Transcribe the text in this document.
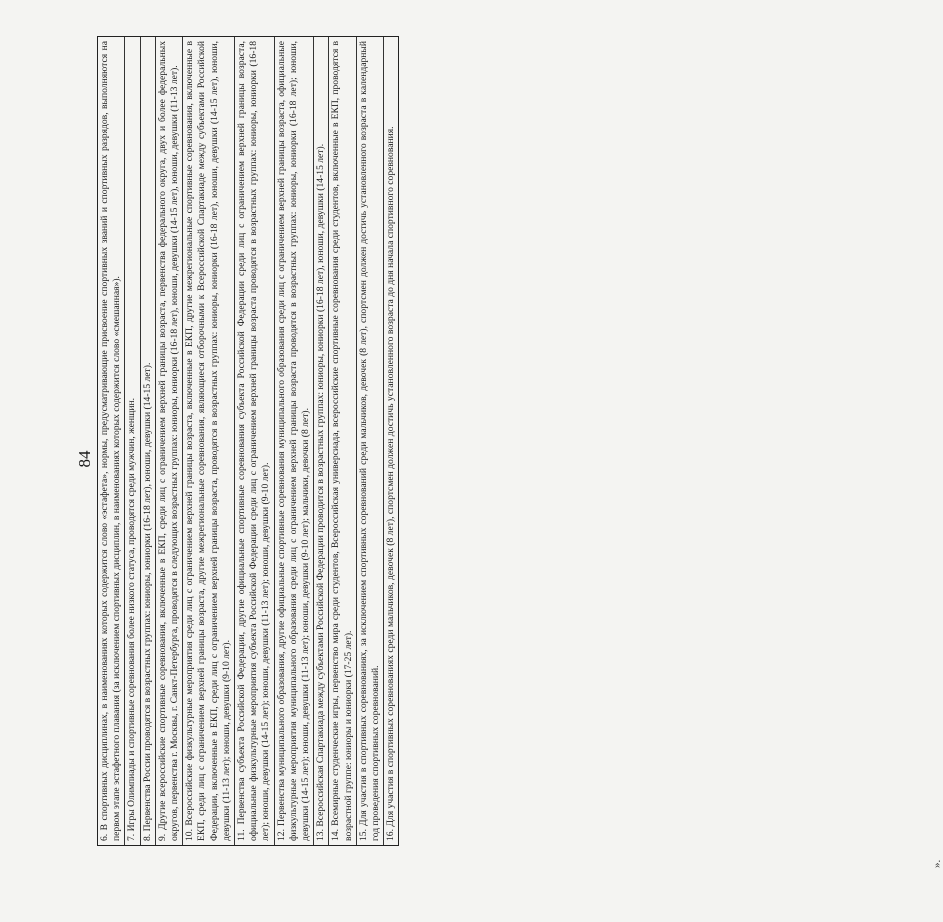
84 6. В спортивных дисциплинах, в наименованиях которых содержится слово «эстафета», нормы, предусматривающие присвоение спортивных званий и спортивных разрядов, выполняются на первом этапе эстафетного плавания (за исключением спортивных дисциплин, в наименованиях которых содержится слово «смешанная»). 7. Игры Олимпиады и спортивные соревнования более низкого статуса, проводятся среди мужчин, женщин. 8. Первенства России проводятся в возрастных группах: юниоры, юниорки (16-18 лет), юноши, девушки (14-15 лет). 9. Другие всероссийские спортивные соревнования, включенные в ЕКП, среди лиц с ограничением верхней границы возраста, первенства федерального округа, двух и более федеральных округов, первенства г. Москвы, г. Санкт-Петербурга, проводятся в следующих возрастных группах: юниоры, юниорки (16-18 лет), юноши, девушки (14-15 лет), юноши, девушки (11-13 лет). 10. Всероссийские физкультурные мероприятия среди лиц с ограничением верхней границы возраста, включенные в ЕКП, другие межрегиональные спортивные соревнования, включенные в ЕКП, среди лиц с ограничением верхней границы возраста, другие межрегиональные соревнования, являющиеся отборочными к Всероссийской Спартакиаде между субъектами Российской Федерации, включенные в ЕКП, среди лиц с ограничением верхней границы возраста, проводятся в возрастных группах: юниоры, юниорки (16-18 лет), юноши, девушки (14-15 лет), юноши, девушки (11-13 лет); юноши, девушки (9-10 лет). 11. Первенства субъекта Российской Федерации, другие официальные спортивные соревнования субъекта Российской Федерации среди лиц с ограничением верхней границы возраста, официальные физкультурные мероприятия субъекта Российской Федерации среди лиц с ограничением верхней границы возраста проводятся в возрастных группах: юниоры, юниорки (16-18 лет); юноши, девушки (14-15 лет); юноши, девушки (11-13 лет); юноши, девушки (9-10 лет). 12. Первенства муниципального образования, другие официальные спортивные соревнования муниципального образования среди лиц с ограничением верхней границы возраста, официальные физкультурные мероприятия муниципального образования среди лиц с ограничением верхней границы возраста проводятся в возрастных группах: юниоры, юниорки (16-18 лет); юноши, девушки (14-15 лет); юноши, девушки (11-13 лет); юноши, девушки (9-10 лет); мальчики, девочки (8 лет). 13. Всероссийская Спартакиада между субъектами Российской Федерации проводится в возрастных группах: юниоры, юниорки (16-18 лет), юноши, девушки (14-15 лет). 14. Всемирные студенческие игры, первенство мира среди студентов, Всероссийская универсиада, всероссийские спортивные соревнования среди студентов, включенные в ЕКП, проводятся в возрастной группе: юниоры и юниорки (17-25 лет). 15. Для участия в спортивных соревнованиях, за исключением спортивных соревнований среди мальчиков, девочек (8 лет), спортсмен должен достичь установленного возраста в календарный год проведения спортивных соревнований. 16. Для участия в спортивных соревнованиях среди мальчиков, девочек (8 лет), спортсмен должен достичь установленного возраста до дня начала спортивного соревнования.
».
